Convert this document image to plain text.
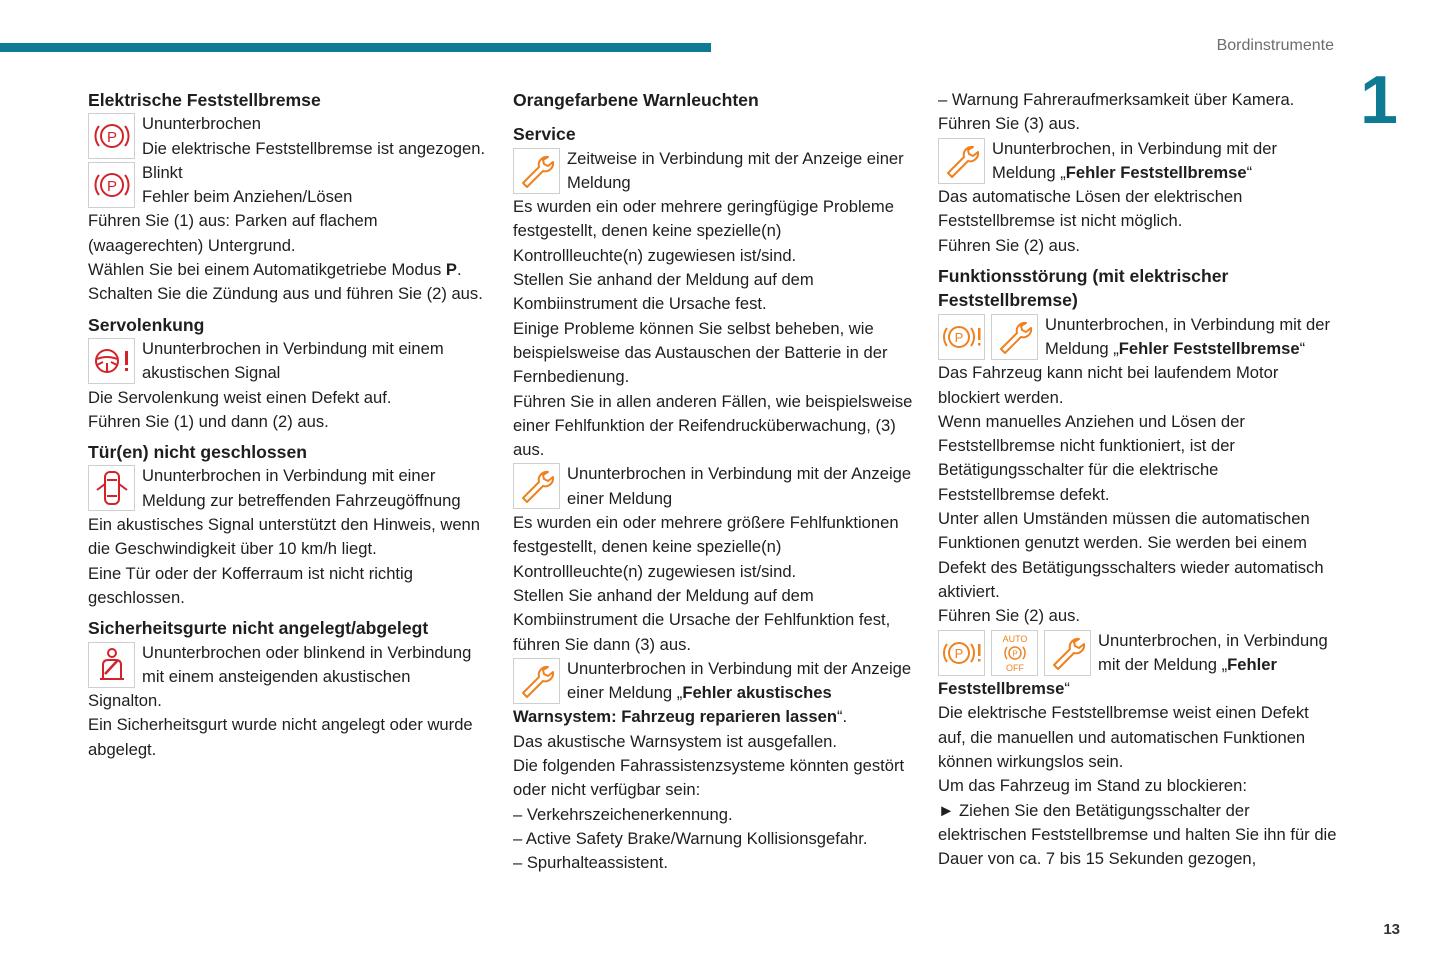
Bordinstrumente
1
13
Elektrische Feststellbremse
P
Ununterbrochen
Die elektrische Feststellbremse ist angezogen.
P
Blinkt
Fehler beim Anziehen/Lösen
Führen Sie (1) aus: Parken auf flachem (waagerechten) Untergrund.
Wählen Sie bei einem Automatikgetriebe Modus P.
Schalten Sie die Zündung aus und führen Sie (2) aus.
Servolenkung
Ununterbrochen in Verbindung mit einem akustischen Signal
Die Servolenkung weist einen Defekt auf.
Führen Sie (1) und dann (2) aus.
Tür(en) nicht geschlossen
Ununterbrochen in Verbindung mit einer Meldung zur betreffenden Fahrzeugöffnung
Ein akustisches Signal unterstützt den Hinweis, wenn die Geschwindigkeit über 10 km/h liegt.
Eine Tür oder der Kofferraum ist nicht richtig geschlossen.
Sicherheitsgurte nicht angelegt/abgelegt
Ununterbrochen oder blinkend in Verbindung mit einem ansteigenden akustischen Signalton.
Ein Sicherheitsgurt wurde nicht angelegt oder wurde abgelegt.
Orangefarbene Warnleuchten
Service
Zeitweise in Verbindung mit der Anzeige einer Meldung
Es wurden ein oder mehrere geringfügige Probleme festgestellt, denen keine spezielle(n) Kontrollleuchte(n) zugewiesen ist/sind.
Stellen Sie anhand der Meldung auf dem Kombiinstrument die Ursache fest.
Einige Probleme können Sie selbst beheben, wie beispielsweise das Austauschen der Batterie in der Fernbedienung.
Führen Sie in allen anderen Fällen, wie beispielsweise einer Fehlfunktion der Reifendrucküberwachung, (3) aus.
Ununterbrochen in Verbindung mit der Anzeige einer Meldung
Es wurden ein oder mehrere größere Fehlfunktionen festgestellt, denen keine spezielle(n) Kontrollleuchte(n) zugewiesen ist/sind.
Stellen Sie anhand der Meldung auf dem Kombiinstrument die Ursache der Fehlfunktion fest, führen Sie dann (3) aus.
Ununterbrochen in Verbindung mit der Anzeige einer Meldung „Fehler akustisches Warnsystem: Fahrzeug reparieren lassen“.
Das akustische Warnsystem ist ausgefallen.
Die folgenden Fahrassistenzsysteme könnten gestört oder nicht verfügbar sein:
– Verkehrszeichenerkennung.
– Active Safety Brake/Warnung Kollisionsgefahr.
– Spurhalteassistent.
– Warnung Fahreraufmerksamkeit über Kamera.
Führen Sie (3) aus.
Ununterbrochen, in Verbindung mit der Meldung „Fehler Feststellbremse“
Das automatische Lösen der elektrischen Feststellbremse ist nicht möglich.
Führen Sie (2) aus.
Funktionsstörung (mit elektrischer Feststellbremse)
P
Ununterbrochen, in Verbindung mit der Meldung „Fehler Feststellbremse“
Das Fahrzeug kann nicht bei laufendem Motor blockiert werden.
Wenn manuelles Anziehen und Lösen der Feststellbremse nicht funktioniert, ist der Betätigungsschalter für die elektrische Feststellbremse defekt.
Unter allen Umständen müssen die automatischen Funktionen genutzt werden. Sie werden bei einem Defekt des Betätigungsschalters wieder automatisch aktiviert.
Führen Sie (2) aus.
P
AUTO
P
OFF
Ununterbrochen, in Verbindung mit der Meldung „Fehler Feststellbremse“
Die elektrische Feststellbremse weist einen Defekt auf, die manuellen und automatischen Funktionen können wirkungslos sein.
Um das Fahrzeug im Stand zu blockieren:
► Ziehen Sie den Betätigungsschalter der elektrischen Feststellbremse und halten Sie ihn für die Dauer von ca. 7 bis 15 Sekunden gezogen,
